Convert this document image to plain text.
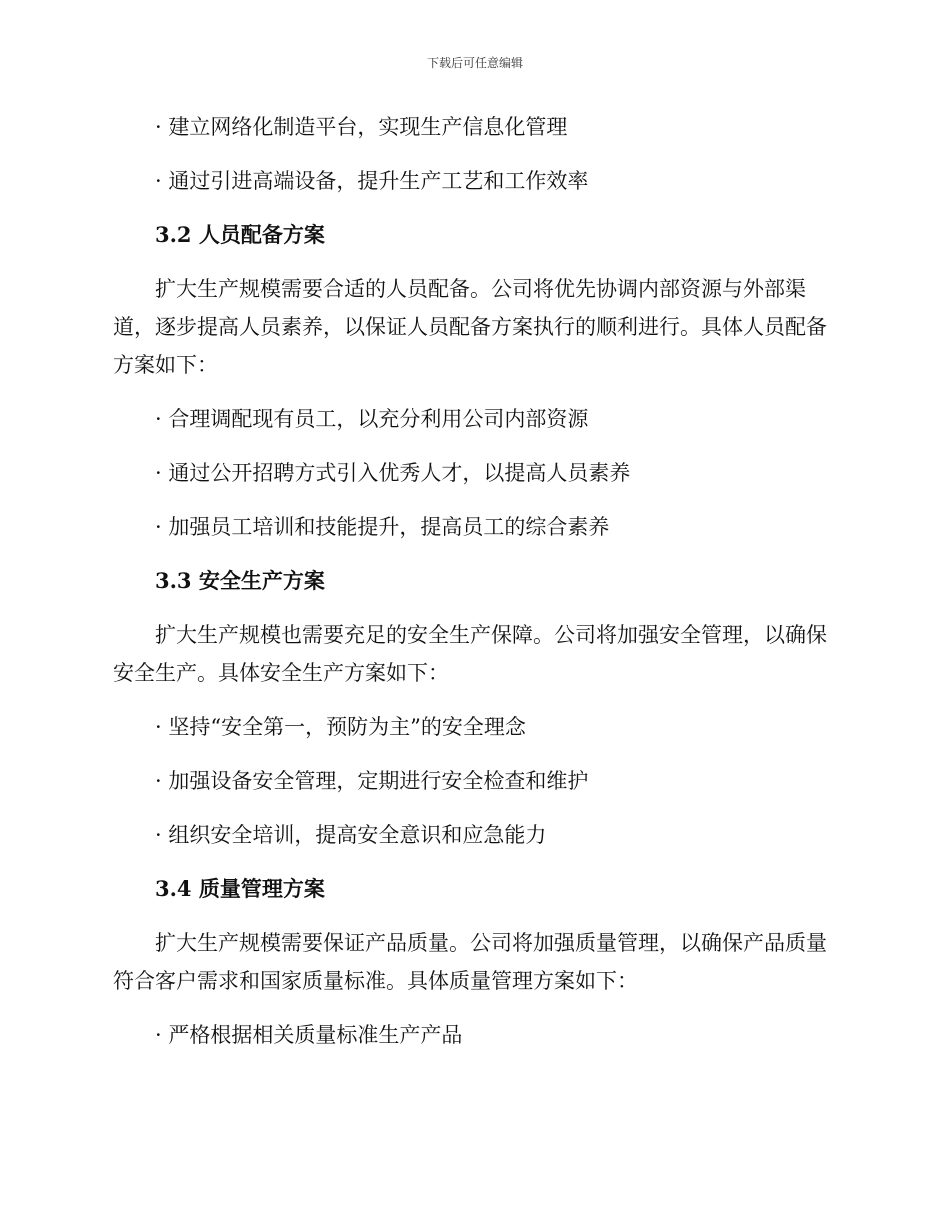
下载后可任意编辑
· 建立网络化制造平台，实现生产信息化管理
· 通过引进高端设备，提升生产工艺和工作效率
3.2 人员配备方案
扩大生产规模需要合适的人员配备。公司将优先协调内部资源与外部渠道，逐步提高人员素养，以保证人员配备方案执行的顺利进行。具体人员配备方案如下：
· 合理调配现有员工，以充分利用公司内部资源
· 通过公开招聘方式引入优秀人才，以提高人员素养
· 加强员工培训和技能提升，提高员工的综合素养
3.3 安全生产方案
扩大生产规模也需要充足的安全生产保障。公司将加强安全管理，以确保安全生产。具体安全生产方案如下：
· 坚持“安全第一，预防为主”的安全理念
· 加强设备安全管理，定期进行安全检查和维护
· 组织安全培训，提高安全意识和应急能力
3.4 质量管理方案
扩大生产规模需要保证产品质量。公司将加强质量管理，以确保产品质量符合客户需求和国家质量标准。具体质量管理方案如下：
· 严格根据相关质量标准生产产品
